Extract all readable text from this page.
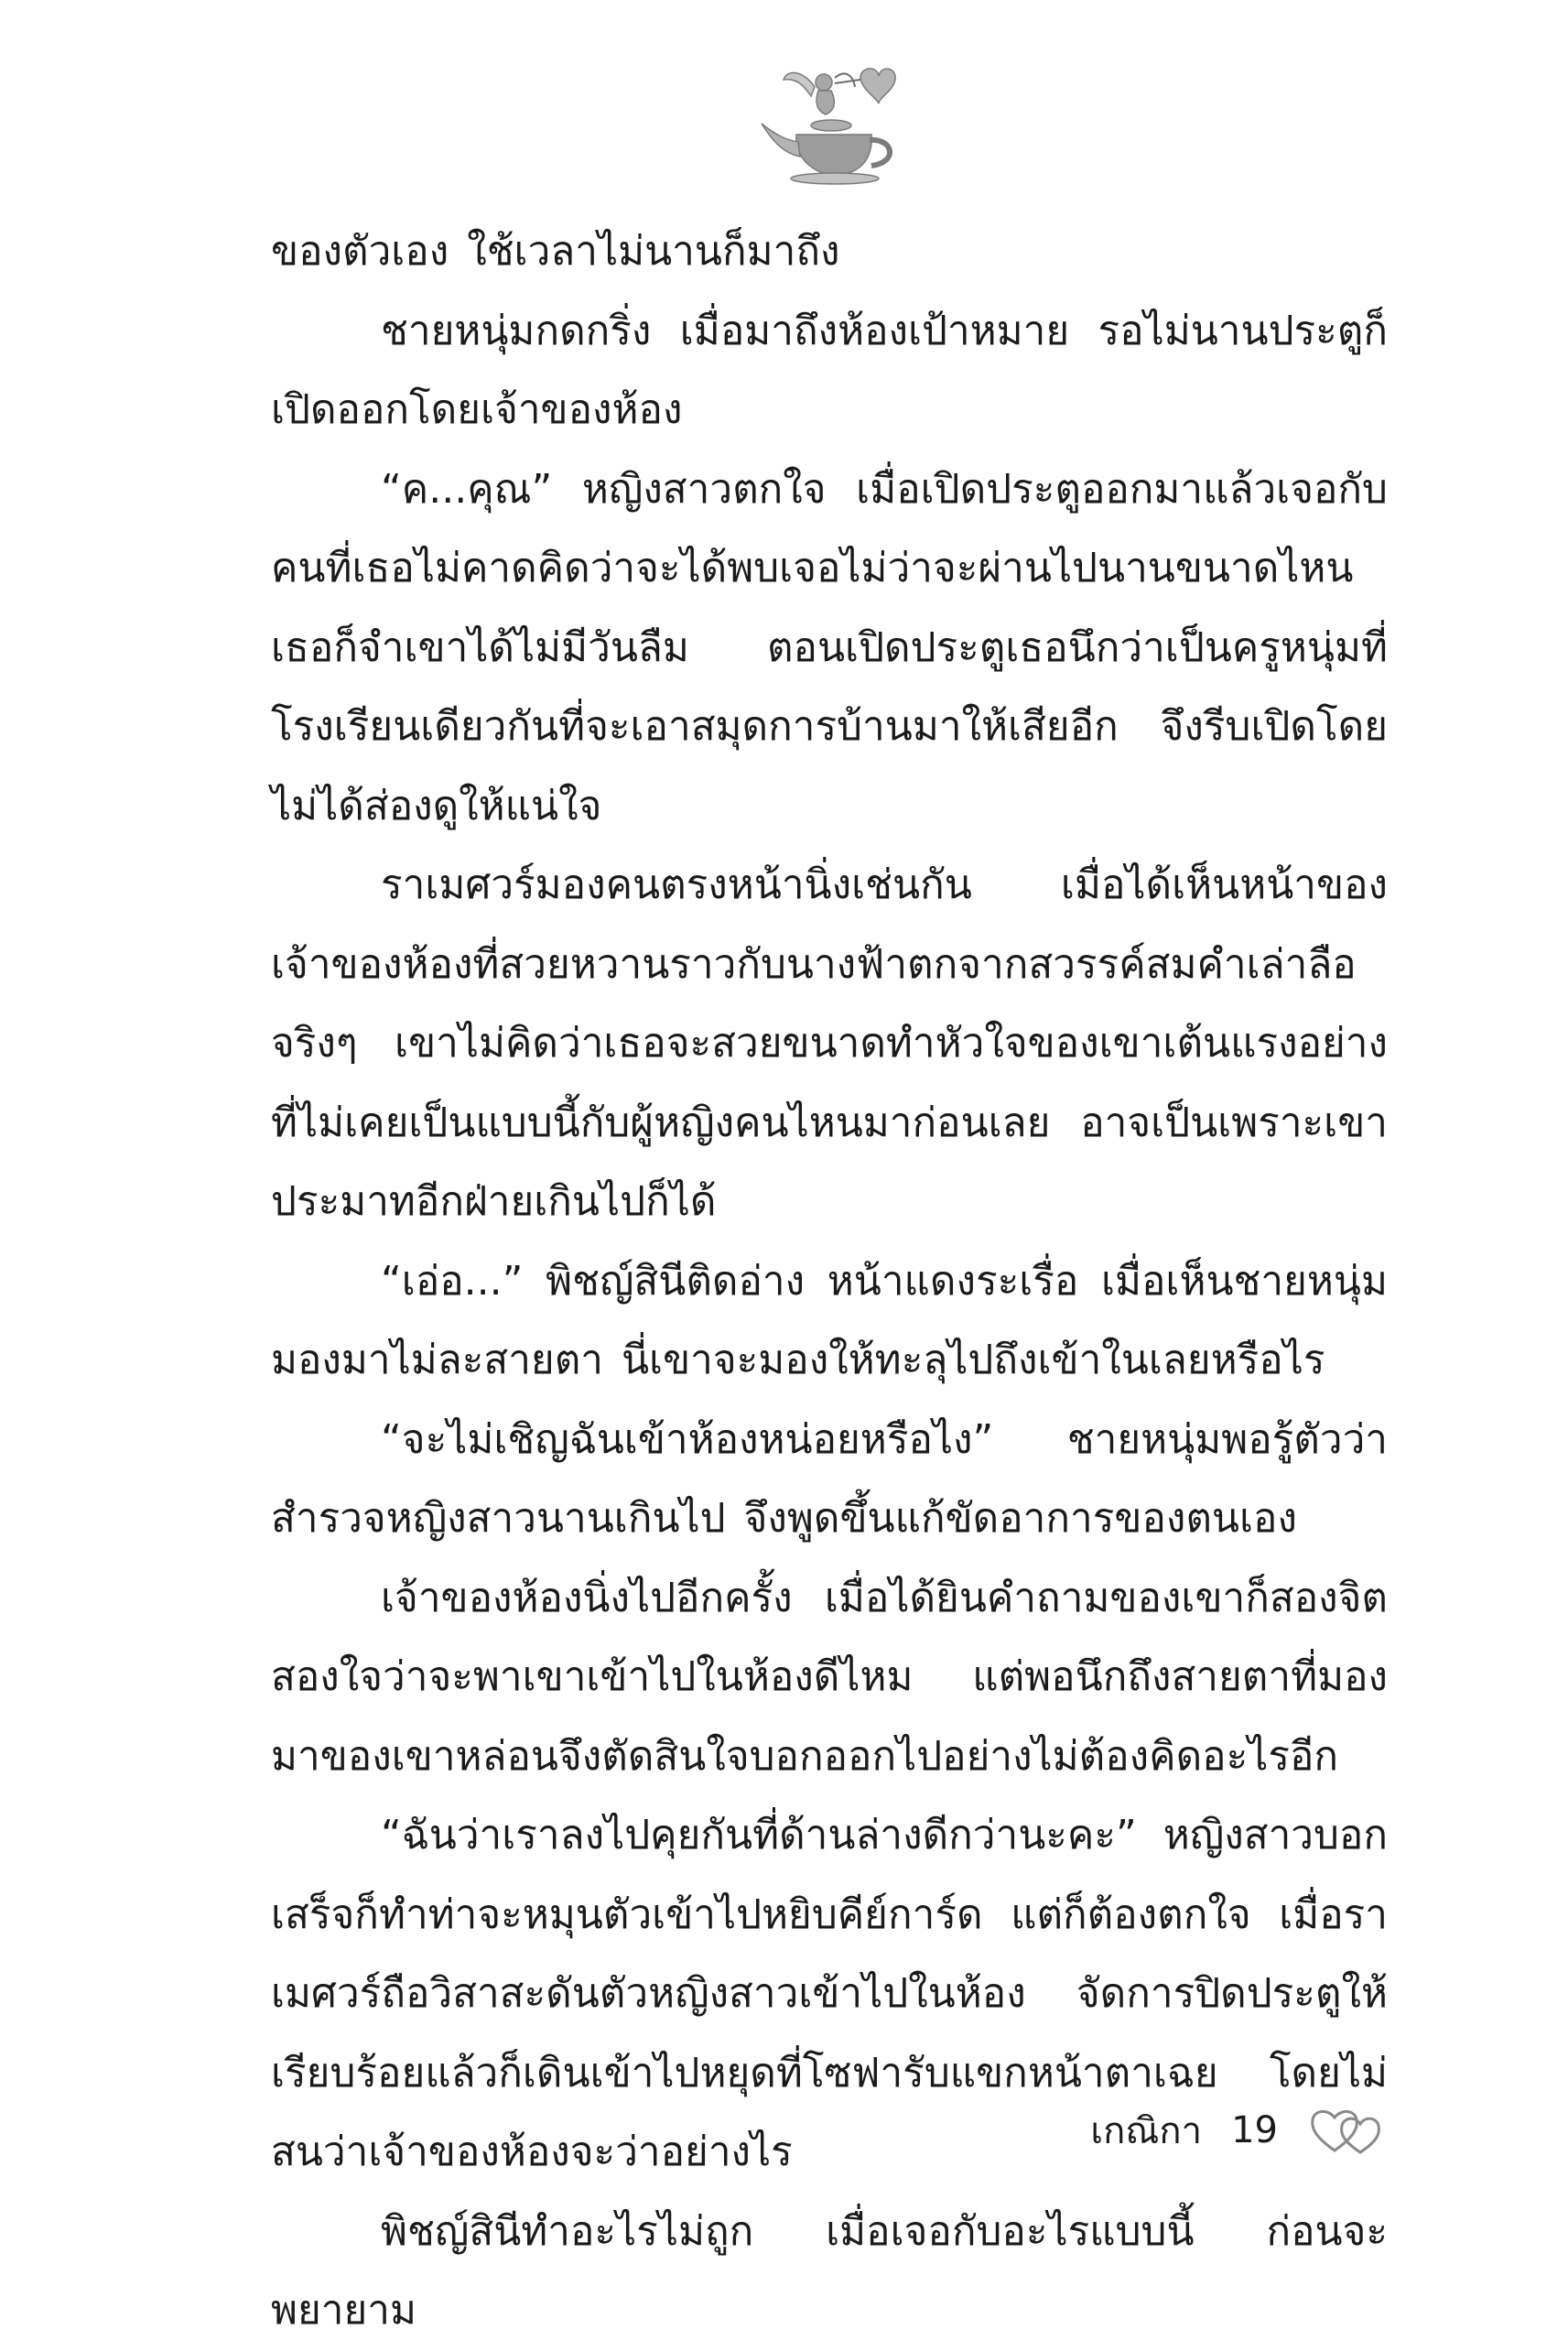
ของตัวเอง ใช้เวลาไม่นานก็มาถึง

ชายหนุ่มกดกริ่ง เมื่อมาถึงห้องเป้าหมาย รอไม่นานประตูก็เปิดออกโดยเจ้าของห้อง

“ค...คุณ” หญิงสาวตกใจ เมื่อเปิดประตูออกมาแล้วเจอกับคนที่เธอไม่คาดคิดว่าจะได้พบเจอไม่ว่าจะผ่านไปนานขนาดไหน เธอก็จำเขาได้ไม่มีวันลืม ตอนเปิดประตูเธอนึกว่าเป็นครูหนุ่มที่โรงเรียนเดียวกันที่จะเอาสมุดการบ้านมาให้เสียอีก จึงรีบเปิดโดยไม่ได้ส่องดูให้แน่ใจ

ราเมศวร์มองคนตรงหน้านิ่งเช่นกัน เมื่อได้เห็นหน้าของเจ้าของห้องที่สวยหวานราวกับนางฟ้าตกจากสวรรค์สมคำเล่าลือจริงๆ เขาไม่คิดว่าเธอจะสวยขนาดทำหัวใจของเขาเต้นแรงอย่างที่ไม่เคยเป็นแบบนี้กับผู้หญิงคนไหนมาก่อนเลย อาจเป็นเพราะเขาประมาทอีกฝ่ายเกินไปก็ได้

“เอ่อ...” พิชญ์สินีติดอ่าง หน้าแดงระเรื่อ เมื่อเห็นชายหนุ่มมองมาไม่ละสายตา นี่เขาจะมองให้ทะลุไปถึงเข้าในเลยหรือไร

“จะไม่เชิญฉันเข้าห้องหน่อยหรือไง” ชายหนุ่มพอรู้ตัวว่าสำรวจหญิงสาวนานเกินไป จึงพูดขึ้นแก้ขัดอาการของตนเอง

เจ้าของห้องนิ่งไปอีกครั้ง เมื่อได้ยินคำถามของเขาก็สองจิตสองใจว่าจะพาเขาเข้าไปในห้องดีไหม แต่พอนึกถึงสายตาที่มองมาของเขาหล่อนจึงตัดสินใจบอกออกไปอย่างไม่ต้องคิดอะไรอีก

“ฉันว่าเราลงไปคุยกันที่ด้านล่างดีกว่านะคะ” หญิงสาวบอกเสร็จก็ทำท่าจะหมุนตัวเข้าไปหยิบคีย์การ์ด แต่ก็ต้องตกใจ เมื่อราเมศวร์ถือวิสาสะดันตัวหญิงสาวเข้าไปในห้อง จัดการปิดประตูให้เรียบร้อยแล้วก็เดินเข้าไปหยุดที่โซฟารับแขกหน้าตาเฉย โดยไม่สนว่าเจ้าของห้องจะว่าอย่างไร

พิชญ์สินีทำอะไรไม่ถูก เมื่อเจอกับอะไรแบบนี้ ก่อนจะพยายาม

เกณิกา 19
